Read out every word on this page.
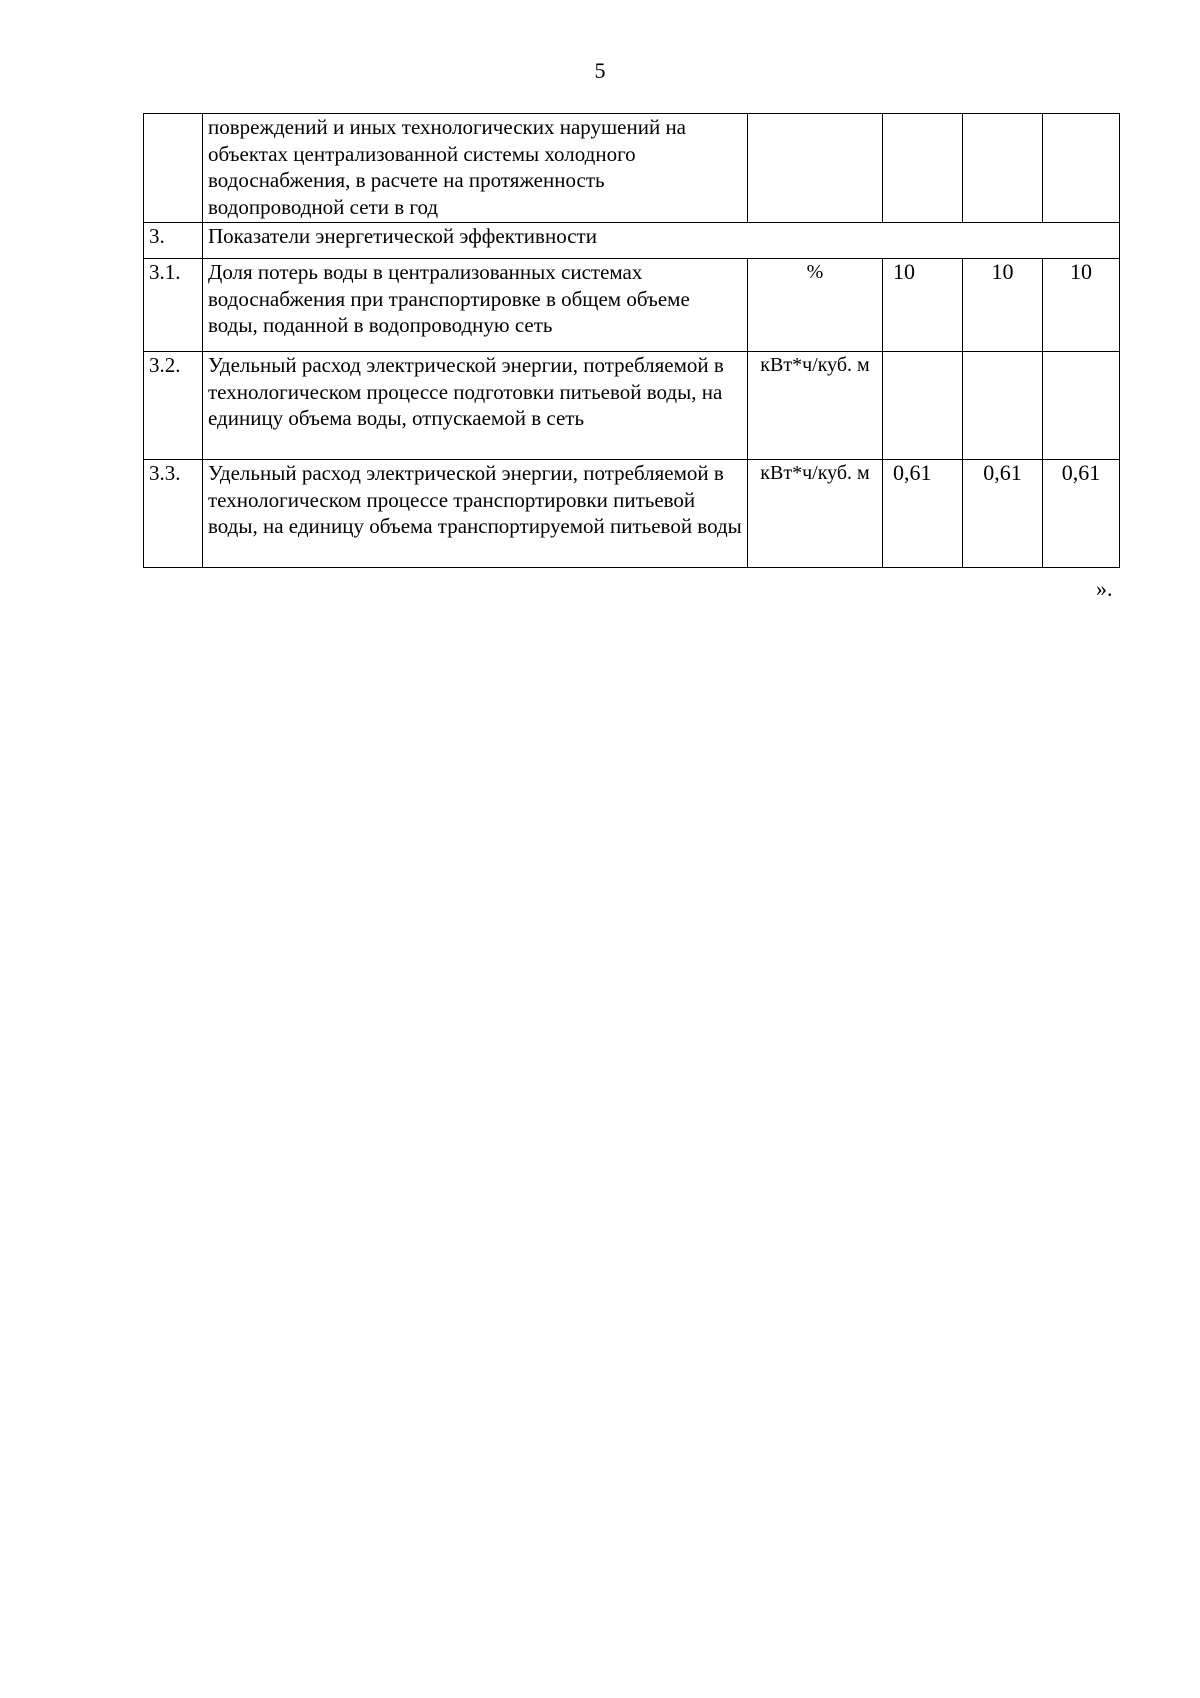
5
	повреждений и иных технологических нарушений на объектах централизованной системы холодного водоснабжения, в расчете на протяженность водопроводной сети в год				
3.	Показатели энергетической эффективности				
3.1.	Доля потерь воды в централизованных системах водоснабжения при транспортировке в общем объеме воды, поданной в водопроводную сеть	%	10	10	10
3.2.	Удельный расход электрической энергии, потребляемой в технологическом процессе подготовки питьевой воды, на единицу объема воды, отпускаемой в сеть	кВт*ч/куб. м			
3.3.	Удельный расход электрической энергии, потребляемой в технологическом процессе транспортировки питьевой воды, на единицу объема транспортируемой питьевой воды	кВт*ч/куб. м	0,61	0,61	0,61
».
